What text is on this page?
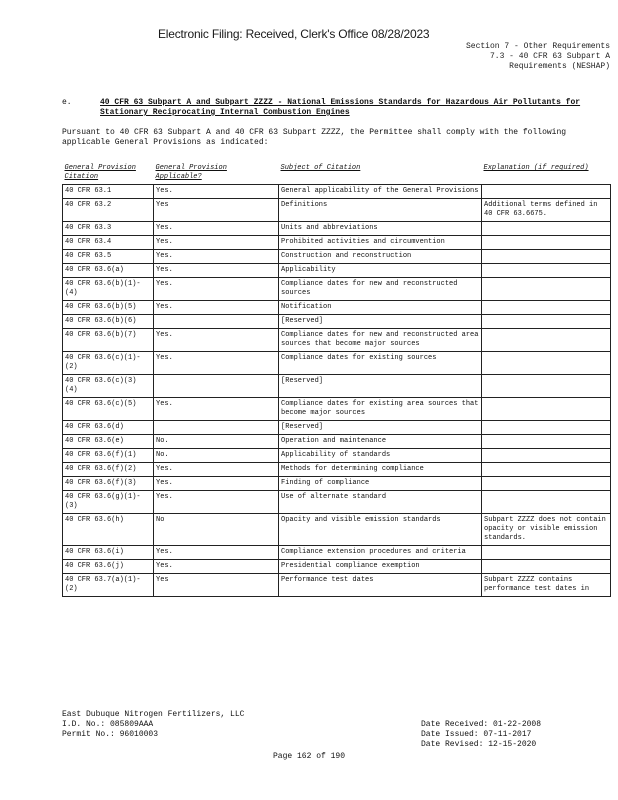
Electronic Filing: Received, Clerk's Office 08/28/2023
Section 7 - Other Requirements
7.3 - 40 CFR 63 Subpart A
Requirements (NESHAP)
e.	40 CFR 63 Subpart A and Subpart ZZZZ - National Emissions Standards for Hazardous Air Pollutants for Stationary Reciprocating Internal Combustion Engines
Pursuant to 40 CFR 63 Subpart A and 40 CFR 63 Subpart ZZZZ, the Permittee shall comply with the following applicable General Provisions as indicated:
General Provision Citation	General Provision Applicable?	Subject of Citation	Explanation (if required)
40 CFR 63.1	Yes.	General applicability of the General Provisions	
40 CFR 63.2	Yes	Definitions	Additional terms defined in 40 CFR 63.6675.
40 CFR 63.3	Yes.	Units and abbreviations	
40 CFR 63.4	Yes.	Prohibited activities and circumvention	
40 CFR 63.5	Yes.	Construction and reconstruction	
40 CFR 63.6(a)	Yes.	Applicability	
40 CFR 63.6(b)(1)-(4)	Yes.	Compliance dates for new and reconstructed sources	
40 CFR 63.6(b)(5)	Yes.	Notification	
40 CFR 63.6(b)(6)		[Reserved]	
40 CFR 63.6(b)(7)	Yes.	Compliance dates for new and reconstructed area sources that become major sources	
40 CFR 63.6(c)(1)-(2)	Yes.	Compliance dates for existing sources	
40 CFR 63.6(c)(3) (4)		[Reserved]	
40 CFR 63.6(c)(5)	Yes.	Compliance dates for existing area sources that become major sources	
40 CFR 63.6(d)		[Reserved]	
40 CFR 63.6(e)	No.	Operation and maintenance	
40 CFR 63.6(f)(1)	No.	Applicability of standards	
40 CFR 63.6(f)(2)	Yes.	Methods for determining compliance	
40 CFR 63.6(f)(3)	Yes.	Finding of compliance	
40 CFR 63.6(g)(1)-(3)	Yes.	Use of alternate standard	
40 CFR 63.6(h)	No	Opacity and visible emission standards	Subpart ZZZZ does not contain opacity or visible emission standards.
40 CFR 63.6(i)	Yes.	Compliance extension procedures and criteria	
40 CFR 63.6(j)	Yes.	Presidential compliance exemption	
40 CFR 63.7(a)(1)-(2)	Yes	Performance test dates	Subpart ZZZZ contains performance test dates in
East Dubuque Nitrogen Fertilizers, LLC
I.D. No.: 085809AAA
Permit No.: 96010003
Date Received: 01-22-2008
Date Issued: 07-11-2017
Date Revised: 12-15-2020
Page 162 of 190
